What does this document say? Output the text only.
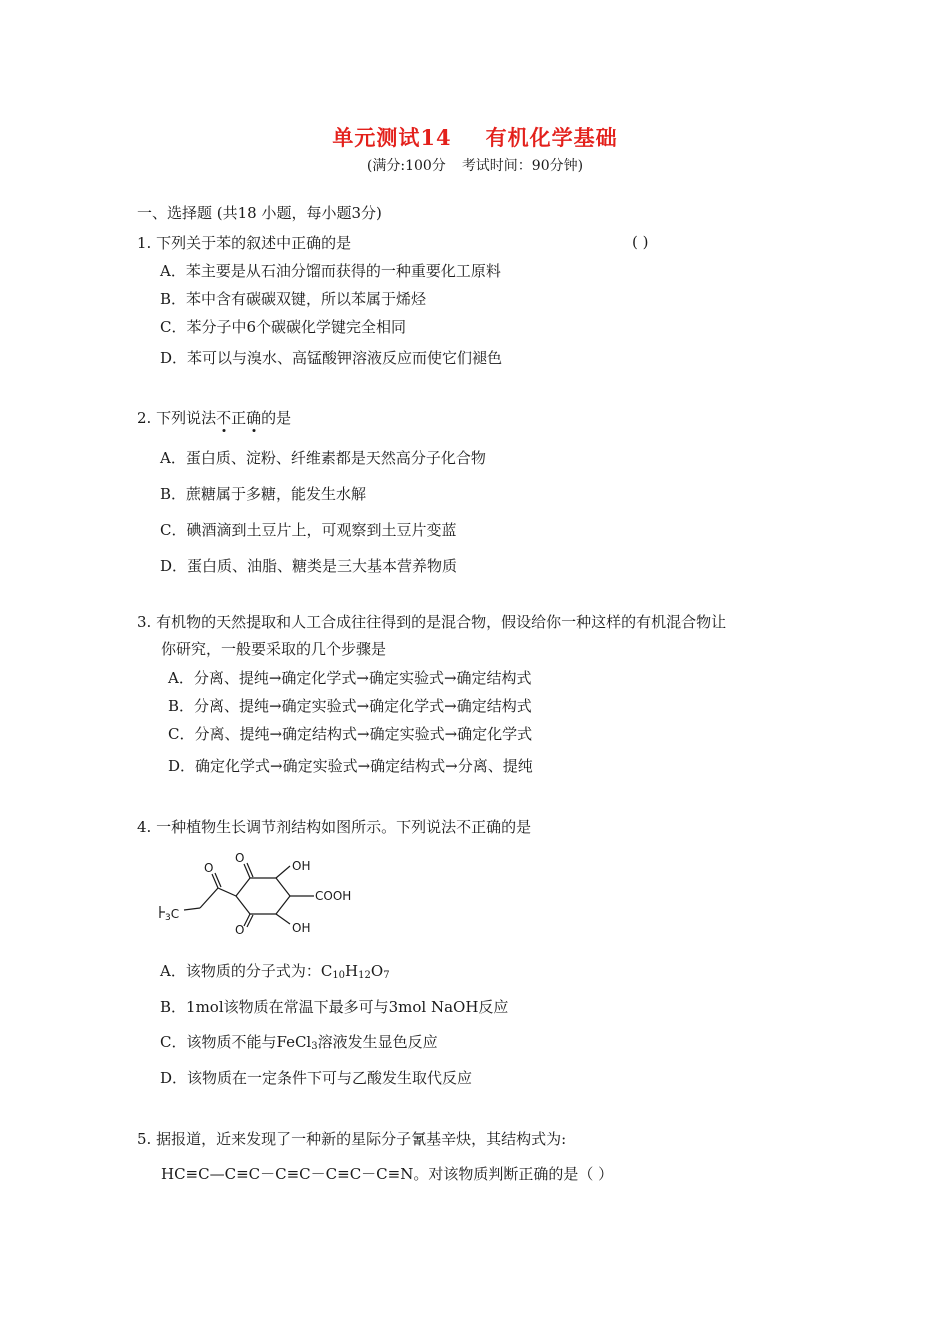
单元测试14 有机化学基础
(满分:100分 考试时间：90分钟)
一、选择题 (共18 小题，每小题3分)
1. 下列关于苯的叙述中正确的是	( )
A．苯主要是从石油分馏而获得的一种重要化工原料
B．苯中含有碳碳双键，所以苯属于烯烃
C．苯分子中6个碳碳化学键完全相同
D．苯可以与溴水、高锰酸钾溶液反应而使它们褪色
2. 下列说法不正确的是
A．蛋白质、淀粉、纤维素都是天然高分子化合物
B．蔗糖属于多糖，能发生水解
C．碘酒滴到土豆片上，可观察到土豆片变蓝
D．蛋白质、油脂、糖类是三大基本营养物质
3. 有机物的天然提取和人工合成往往得到的是混合物，假设给你一种这样的有机混合物让
你研究，一般要采取的几个步骤是
A．分离、提纯→确定化学式→确定实验式→确定结构式
B．分离、提纯→确定实验式→确定化学式→确定结构式
C．分离、提纯→确定结构式→确定实验式→确定化学式
D．确定化学式→确定实验式→确定结构式→分离、提纯
4. 一种植物生长调节剂结构如图所示。下列说法不正确的是
O
OH
COOH
O	OH
O
3C
A．该物质的分子式为：$C_{10}H_{12}O_7$
B．1mol该物质在常温下最多可与3mol NaOH反应
C．该物质不能与FeCl$_3$溶液发生显色反应
D．该物质在一定条件下可与乙酸发生取代反应
5. 据报道，近来发现了一种新的星际分子氰基辛炔，其结构式为:
HC≡C—C≡C－C≡C－C≡C－C≡N。对该物质判断正确的是（ ）
